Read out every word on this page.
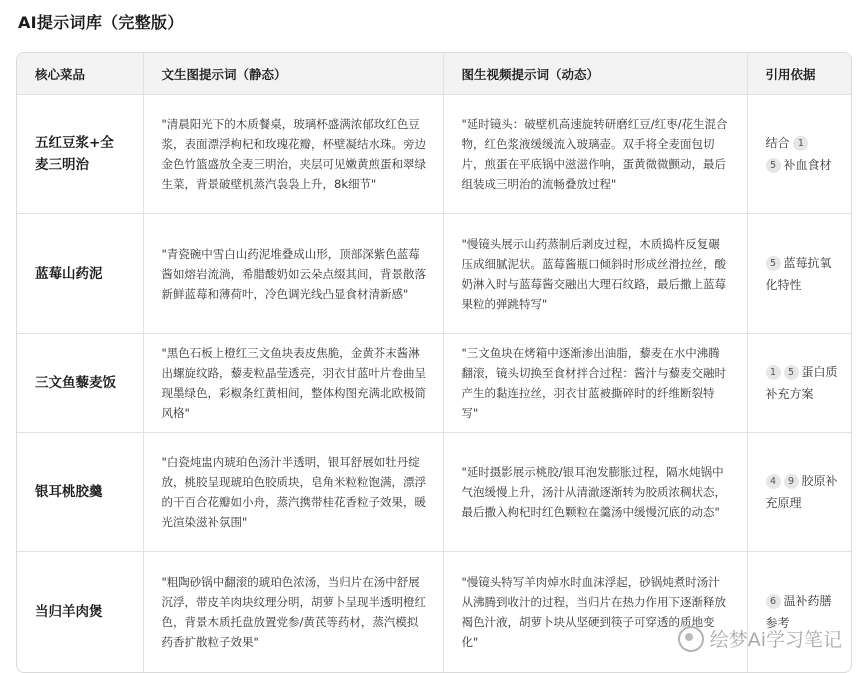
AI提示词库（完整版）
核心菜品	文生图提示词（静态）	图生视频提示词（动态）	引用依据
五红豆浆+全麦三明治	"清晨阳光下的木质餐桌，玻璃杯盛满浓郁玫红色豆浆，表面漂浮枸杞和玫瑰花瓣，杯壁凝结水珠。旁边金色竹篮盛放全麦三明治，夹层可见嫩黄煎蛋和翠绿生菜，背景破壁机蒸汽袅袅上升，8k细节"	"延时镜头：破壁机高速旋转研磨红豆/红枣/花生混合物，红色浆液缓缓流入玻璃壶。双手将全麦面包切片，煎蛋在平底锅中滋滋作响，蛋黄微微颤动，最后组装成三明治的流畅叠放过程"	结合 1
5 补血食材
蓝莓山药泥	"青瓷碗中雪白山药泥堆叠成山形，顶部深紫色蓝莓酱如熔岩流淌，希腊酸奶如云朵点缀其间，背景散落新鲜蓝莓和薄荷叶，冷色调光线凸显食材清新感"	"慢镜头展示山药蒸制后剥皮过程，木质捣杵反复碾压成细腻泥状。蓝莓酱瓶口倾斜时形成丝滑拉丝，酸奶淋入时与蓝莓酱交融出大理石纹路，最后撒上蓝莓果粒的弹跳特写"	5 蓝莓抗氧化特性
三文鱼藜麦饭	"黑色石板上橙红三文鱼块表皮焦脆，金黄芥末酱淋出螺旋纹路，藜麦粒晶莹透亮，羽衣甘蓝叶片卷曲呈现墨绿色，彩椒条红黄相间，整体构图充满北欧极简风格"	"三文鱼块在烤箱中逐渐渗出油脂，藜麦在水中沸腾翻滚，镜头切换至食材拌合过程：酱汁与藜麦交融时产生的黏连拉丝，羽衣甘蓝被撕碎时的纤维断裂特写"	1 5 蛋白质补充方案
银耳桃胶羹	"白瓷炖盅内琥珀色汤汁半透明，银耳舒展如牡丹绽放，桃胶呈现琥珀色胶质块，皂角米粒粒饱满，漂浮的干百合花瓣如小舟，蒸汽携带桂花香粒子效果，暖光渲染滋补氛围"	"延时摄影展示桃胶/银耳泡发膨胀过程，隔水炖锅中气泡缓慢上升，汤汁从清澈逐渐转为胶质浓稠状态，最后撒入枸杞时红色颗粒在羹汤中缓慢沉底的动态"	4 9 胶原补充原理
当归羊肉煲	"粗陶砂锅中翻滚的琥珀色浓汤，当归片在汤中舒展沉浮，带皮羊肉块纹理分明，胡萝卜呈现半透明橙红色，背景木质托盘放置党参/黄芪等药材，蒸汽模拟药香扩散粒子效果"	"慢镜头特写羊肉焯水时血沫浮起，砂锅炖煮时汤汁从沸腾到收汁的过程，当归片在热力作用下逐渐释放褐色汁液，胡萝卜块从坚硬到筷子可穿透的质地变化"	6 温补药膳参考
绘梦Ai学习笔记
